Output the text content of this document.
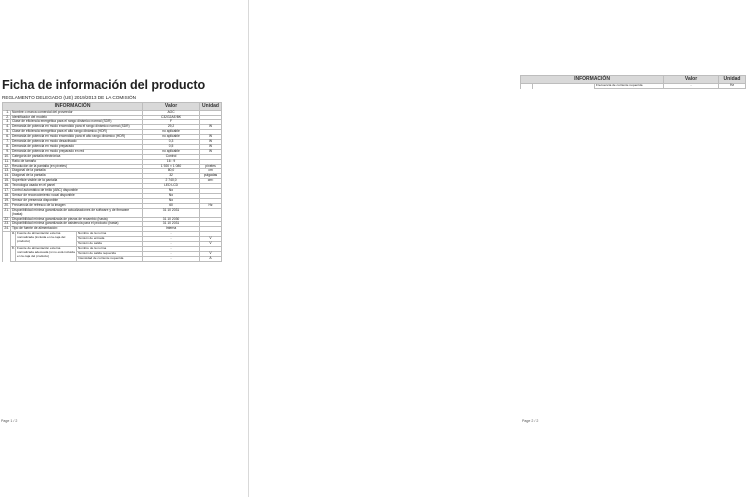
Ficha de información del producto
REGLAMENTO DELEGADO (UE) 2019/2013 DE LA COMISIÓN
INFORMACIÓN				Valor	Unidad
1.	Nombre o marca comercial del proveedor			AOC	
2.	Identificador del modelo			C32G2AE/BK	
3.	Clase de eficiencia energética para el rango dinámico normal (SDR)			F	
4.	Demanda de potencia en modo encendido para el rango dinámico normal (SDR)			29,2	W
5.	Clase de eficiencia energética para el alto rango dinámico (HDR)			no aplicable	
6.	Demanda de potencia en modo encendido para el alto rango dinámico (HDR)			no aplicable	W
7.	Demanda de potencia en modo desactivado			0,3	W
8.	Demanda de potencia en modo preparado			0,5	W
9.	Demanda de potencia en modo preparado en red			no aplicable	W
10.	Categoría de pantalla electrónica			Control	
11.	Ratio de tamaño			16 : 9	
12.	Resolución de la pantalla (en píxeles)			1 920 × 1 080	píxeles
13.	Diagonal de la pantalla			80,0	cm
14.	Diagonal de la pantalla			32	pulgadas
15.	Superficie visible de la pantalla			2 740,0	cm²
16.	Tecnología usada en el panel			LED LCD	
17.	Control automático de brillo (ABC) disponible			No	
18.	Sensor de reconocimiento vocal disponible			No	
19.	Sensor de presencia disponible			No	
20.	Frecuencia de refresco de la imagen			60	Hz
21.	Disponibilidad mínima garantizada de actualizaciones de software y de firmware (hasta):			31 10 2031	
22.	Disponibilidad mínima garantizada de piezas de recambio (hasta)			31 10 2030	
23.	Disponibilidad mínima garantizada de asistencia para el producto (hasta)			31 10 2031	
24.	Tipo de fuente de alimentación:			Interna	
	a.	Fuente de alimentación externa normalizada (incluida en la caja del producto)	Nombre de la norma	-	
			Tensión de entrada	-	V
			Tensión de salida	-	V
	b.	Fuente de alimentación externa normalizada adecuada (si no está incluida en la caja del producto)	Nombre de la norma	-	
			Tensión de salida requerida	-	V
			Intensidad de corriente requerida	-	A
Page 1 / 2
INFORMACIÓN			Valor	Unidad
		Frecuencia de corriente requerida	-	Hz
Page 2 / 2
